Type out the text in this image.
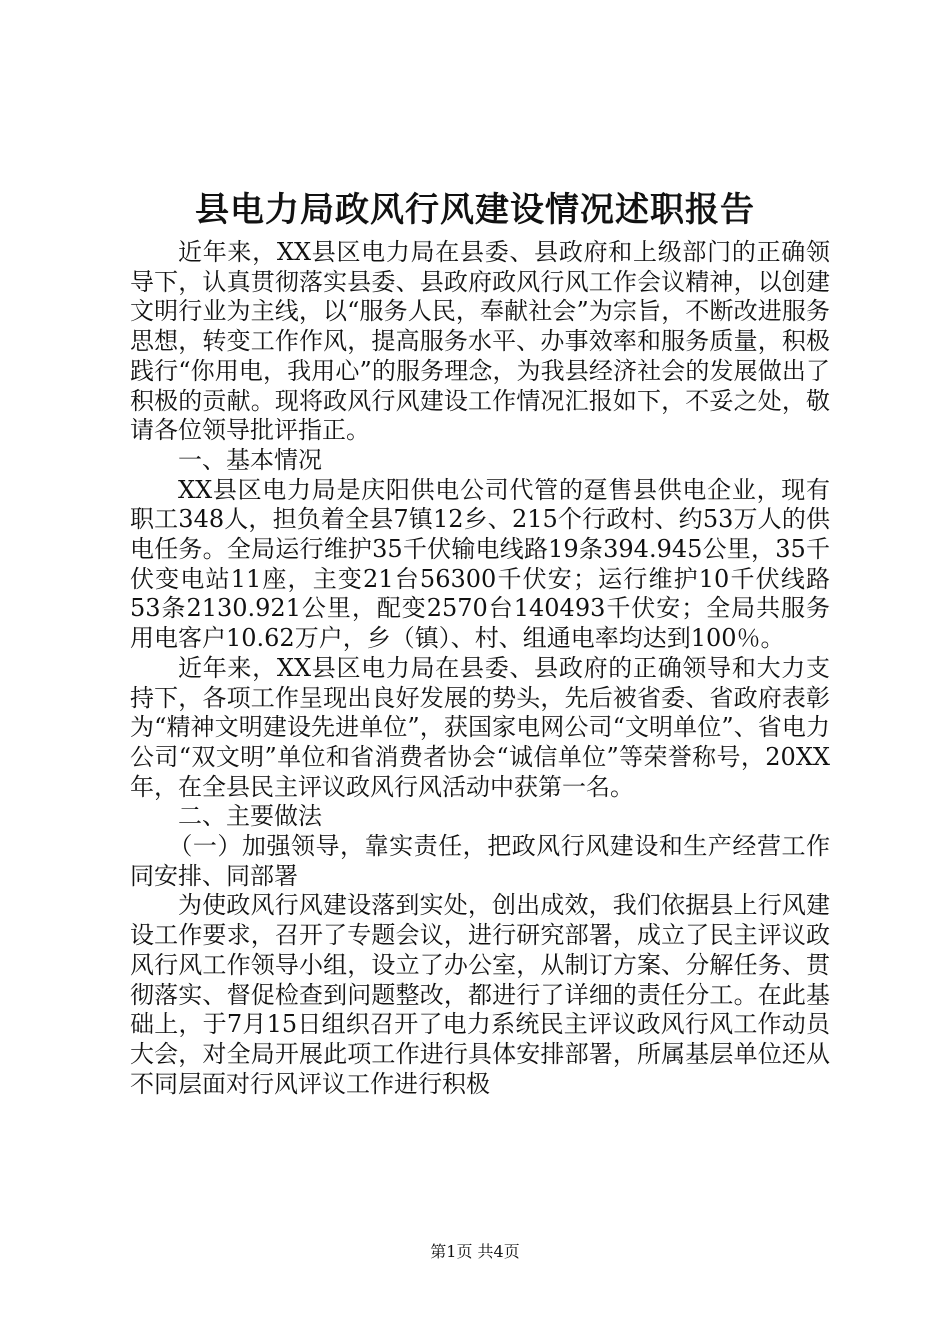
县电力局政风行风建设情况述职报告

近年来，XX县区电力局在县委、县政府和上级部门的正确领导下，认真贯彻落实县委、县政府政风行风工作会议精神，以创建文明行业为主线，以“服务人民，奉献社会”为宗旨，不断改进服务思想，转变工作作风，提高服务水平、办事效率和服务质量，积极践行“你用电，我用心”的服务理念，为我县经济社会的发展做出了积极的贡献。现将政风行风建设工作情况汇报如下，不妥之处，敬请各位领导批评指正。

一、基本情况

XX县区电力局是庆阳供电公司代管的趸售县供电企业，现有职工348人，担负着全县7镇12乡、215个行政村、约53万人的供电任务。全局运行维护35千伏输电线路19条394.945公里，35千伏变电站11座，主变21台56300千伏安；运行维护10千伏线路53条2130.921公里，配变2570台140493千伏安；全局共服务用电客户10.62万户，乡（镇）、村、组通电率均达到100％。

近年来，XX县区电力局在县委、县政府的正确领导和大力支持下，各项工作呈现出良好发展的势头，先后被省委、省政府表彰为“精神文明建设先进单位”，获国家电网公司“文明单位”、省电力公司“双文明”单位和省消费者协会“诚信单位”等荣誉称号，20XX年，在全县民主评议政风行风活动中获第一名。

二、主要做法

（一）加强领导，靠实责任，把政风行风建设和生产经营工作同安排、同部署

为使政风行风建设落到实处，创出成效，我们依据县上行风建设工作要求，召开了专题会议，进行研究部署，成立了民主评议政风行风工作领导小组，设立了办公室，从制订方案、分解任务、贯彻落实、督促检查到问题整改，都进行了详细的责任分工。在此基础上，于7月15日组织召开了电力系统民主评议政风行风工作动员大会，对全局开展此项工作进行具体安排部署，所属基层单位还从不同层面对行风评议工作进行积极

第1页 共4页
